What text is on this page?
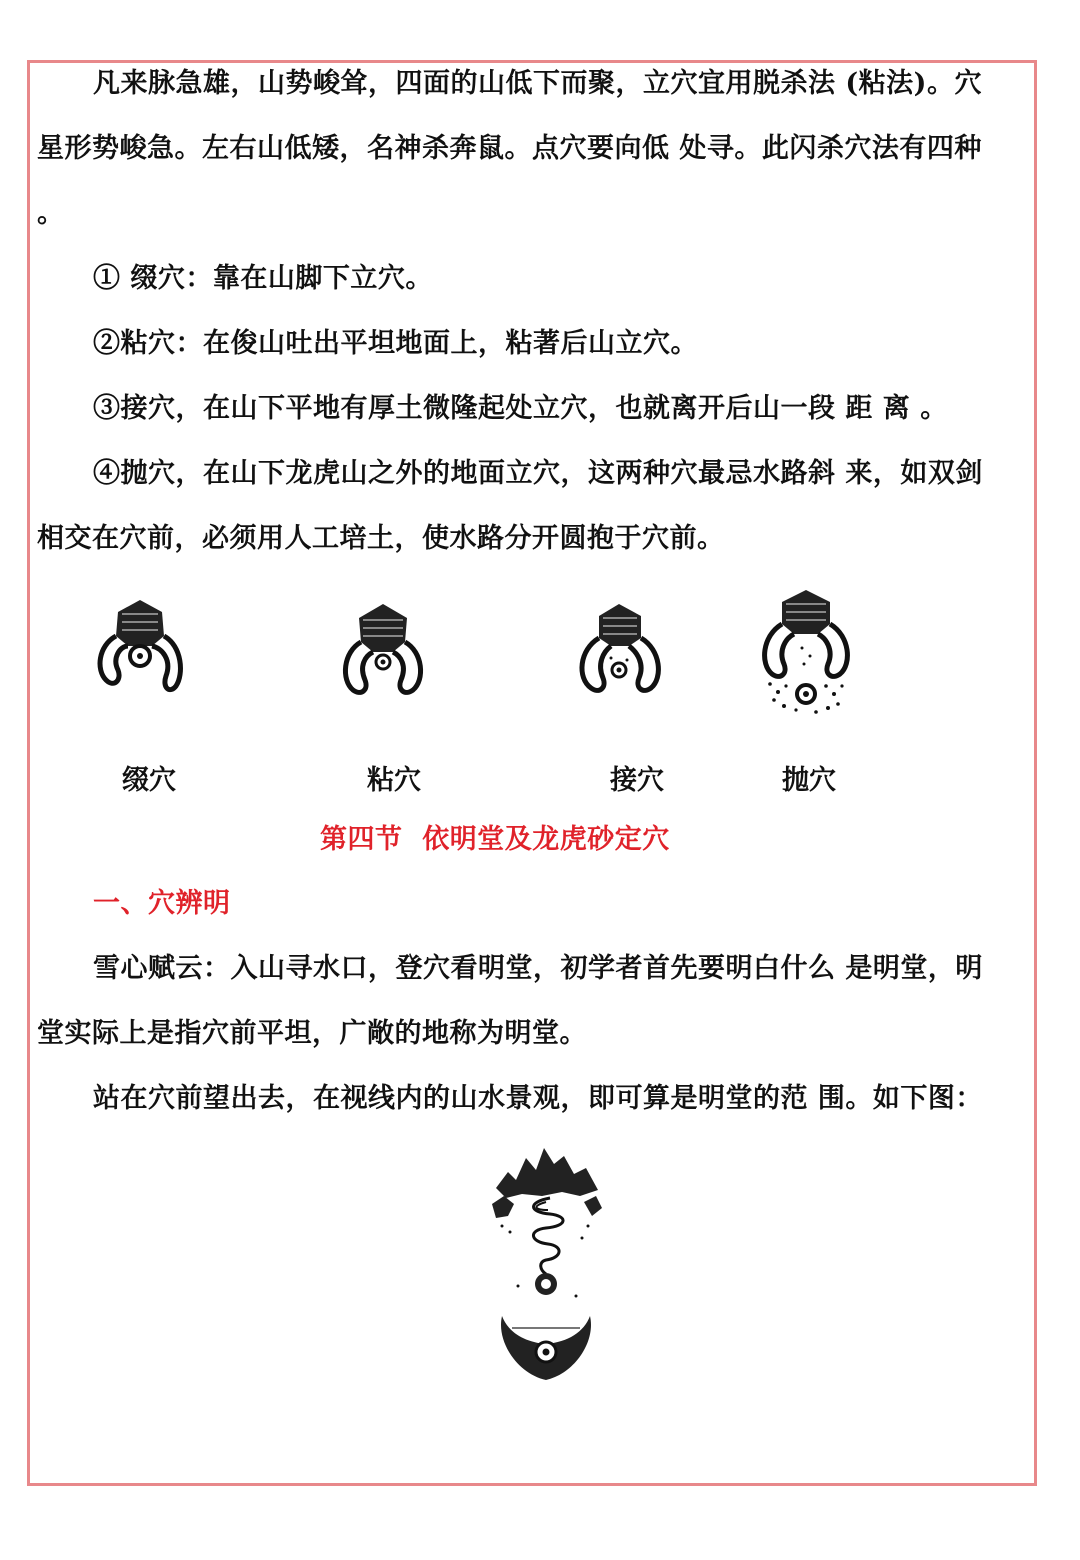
凡来脉急雄，山势峻耸，四面的山低下而聚，立穴宜用脱杀法 (粘法)。穴
星形势峻急。左右山低矮，名神杀奔鼠。点穴要向低 处寻。此闪杀穴法有四种
。
① 缀穴：靠在山脚下立穴。
②粘穴：在俊山吐出平坦地面上，粘著后山立穴。
③接穴，在山下平地有厚土微隆起处立穴，也就离开后山一段 距 离 。
④抛穴，在山下龙虎山之外的地面立穴，这两种穴最忌水路斜 来，如双剑
相交在穴前，必须用人工培土，使水路分开圆抱于穴前。
缀穴	粘穴	接穴	抛穴
第四节  依明堂及龙虎砂定穴
一、穴辨明
雪心赋云：入山寻水口，登穴看明堂，初学者首先要明白什么 是明堂，明
堂实际上是指穴前平坦，广敞的地称为明堂。
站在穴前望出去，在视线内的山水景观，即可算是明堂的范 围。如下图：
